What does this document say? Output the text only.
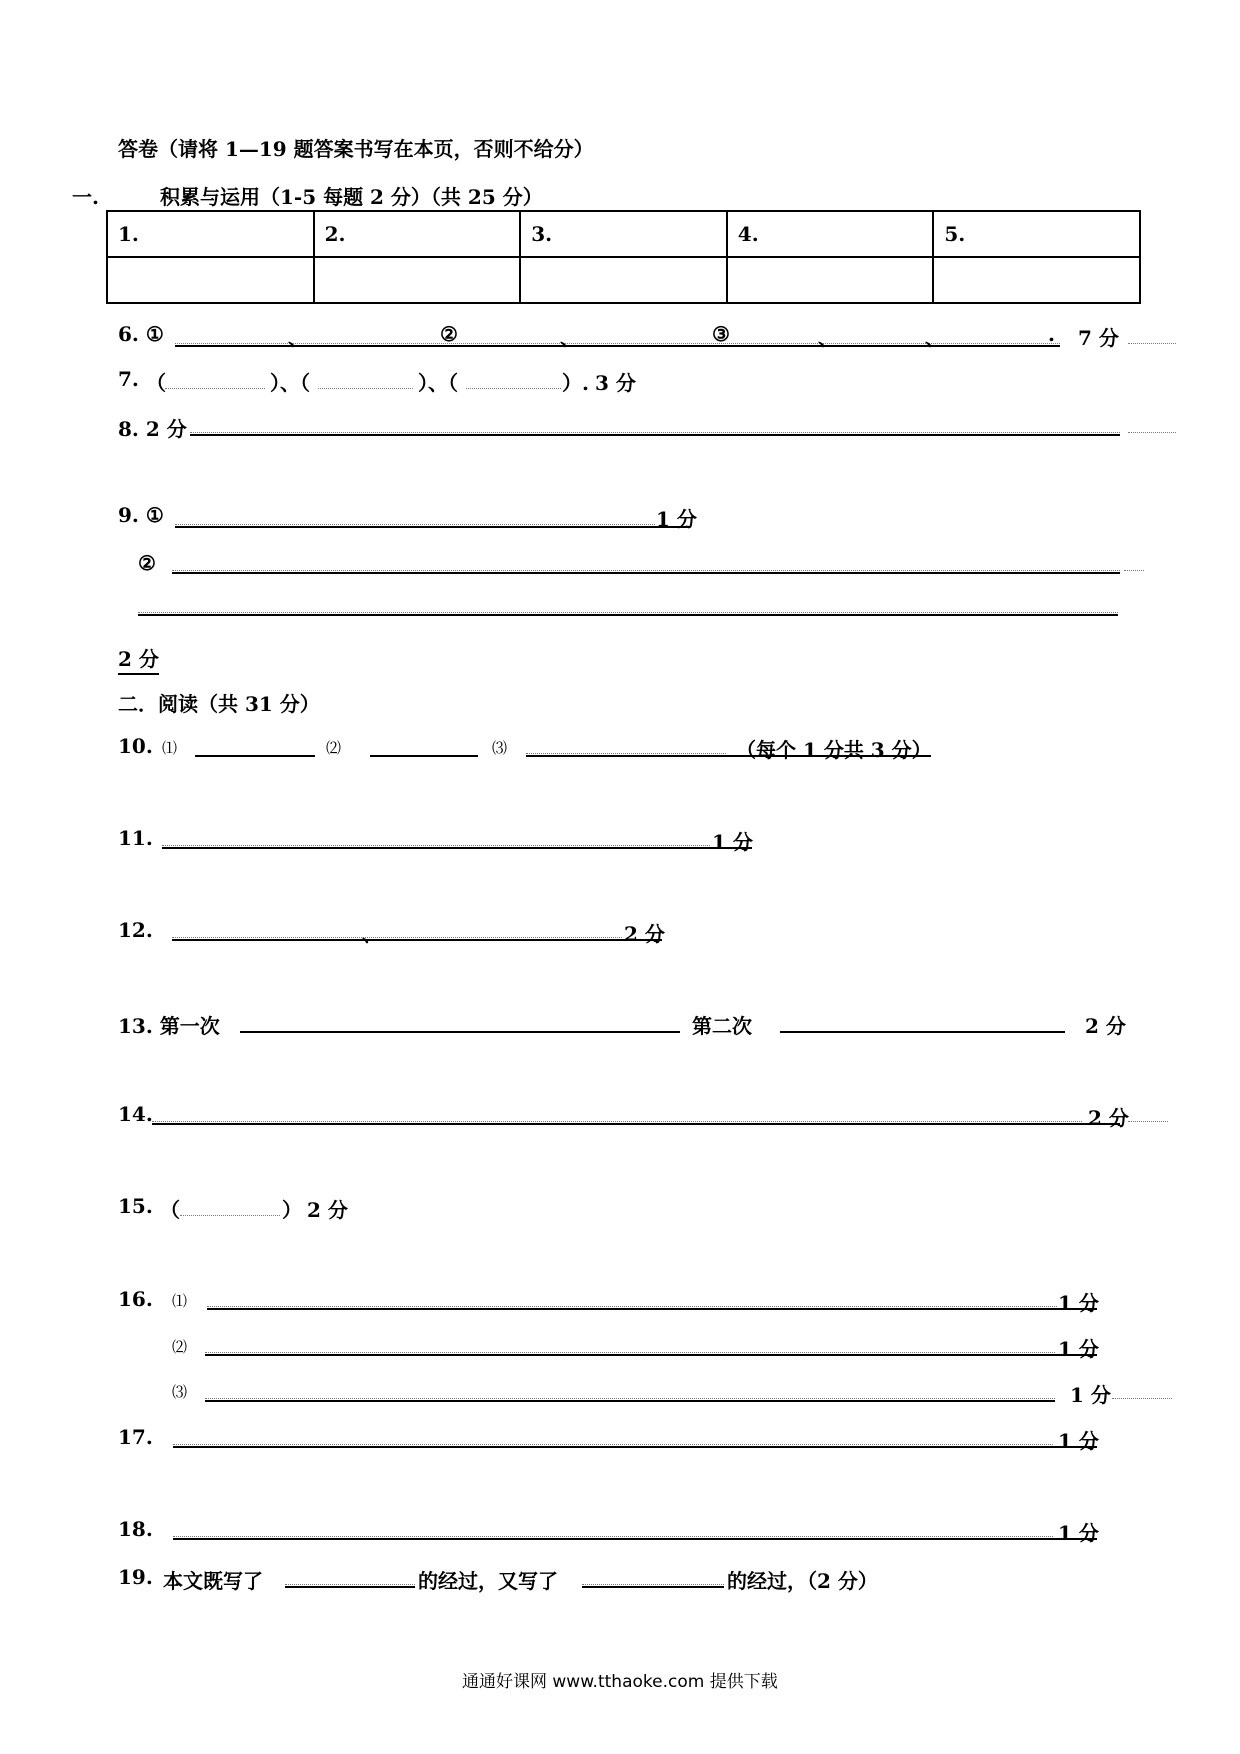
答卷（请将 1—19 题答案书写在本页，否则不给分）
一.	积累与运用（1-5 每题 2 分）（共 25 分）
1.	2.	3.	4.	5.

6. ①	、	②	、	③	、	、	. 7 分
7. （	）、（	）、（	）. 3 分
8. 2 分
9. ①	1 分
②
2 分
二．阅读（共 31 分）
10. ⑴	⑵	⑶	（每个 1 分共 3 分）
11.	1 分
12.	、	2 分
13. 第一次	第二次	2 分
14.	2 分
15. （	） 2 分
16. ⑴	1 分
⑵	1 分
⑶	1 分
17.	1 分
18.	1 分
19. 本文既写了	的经过，又写了	的经过，（2 分）
通通好课网 www.tthaoke.com 提供下载
